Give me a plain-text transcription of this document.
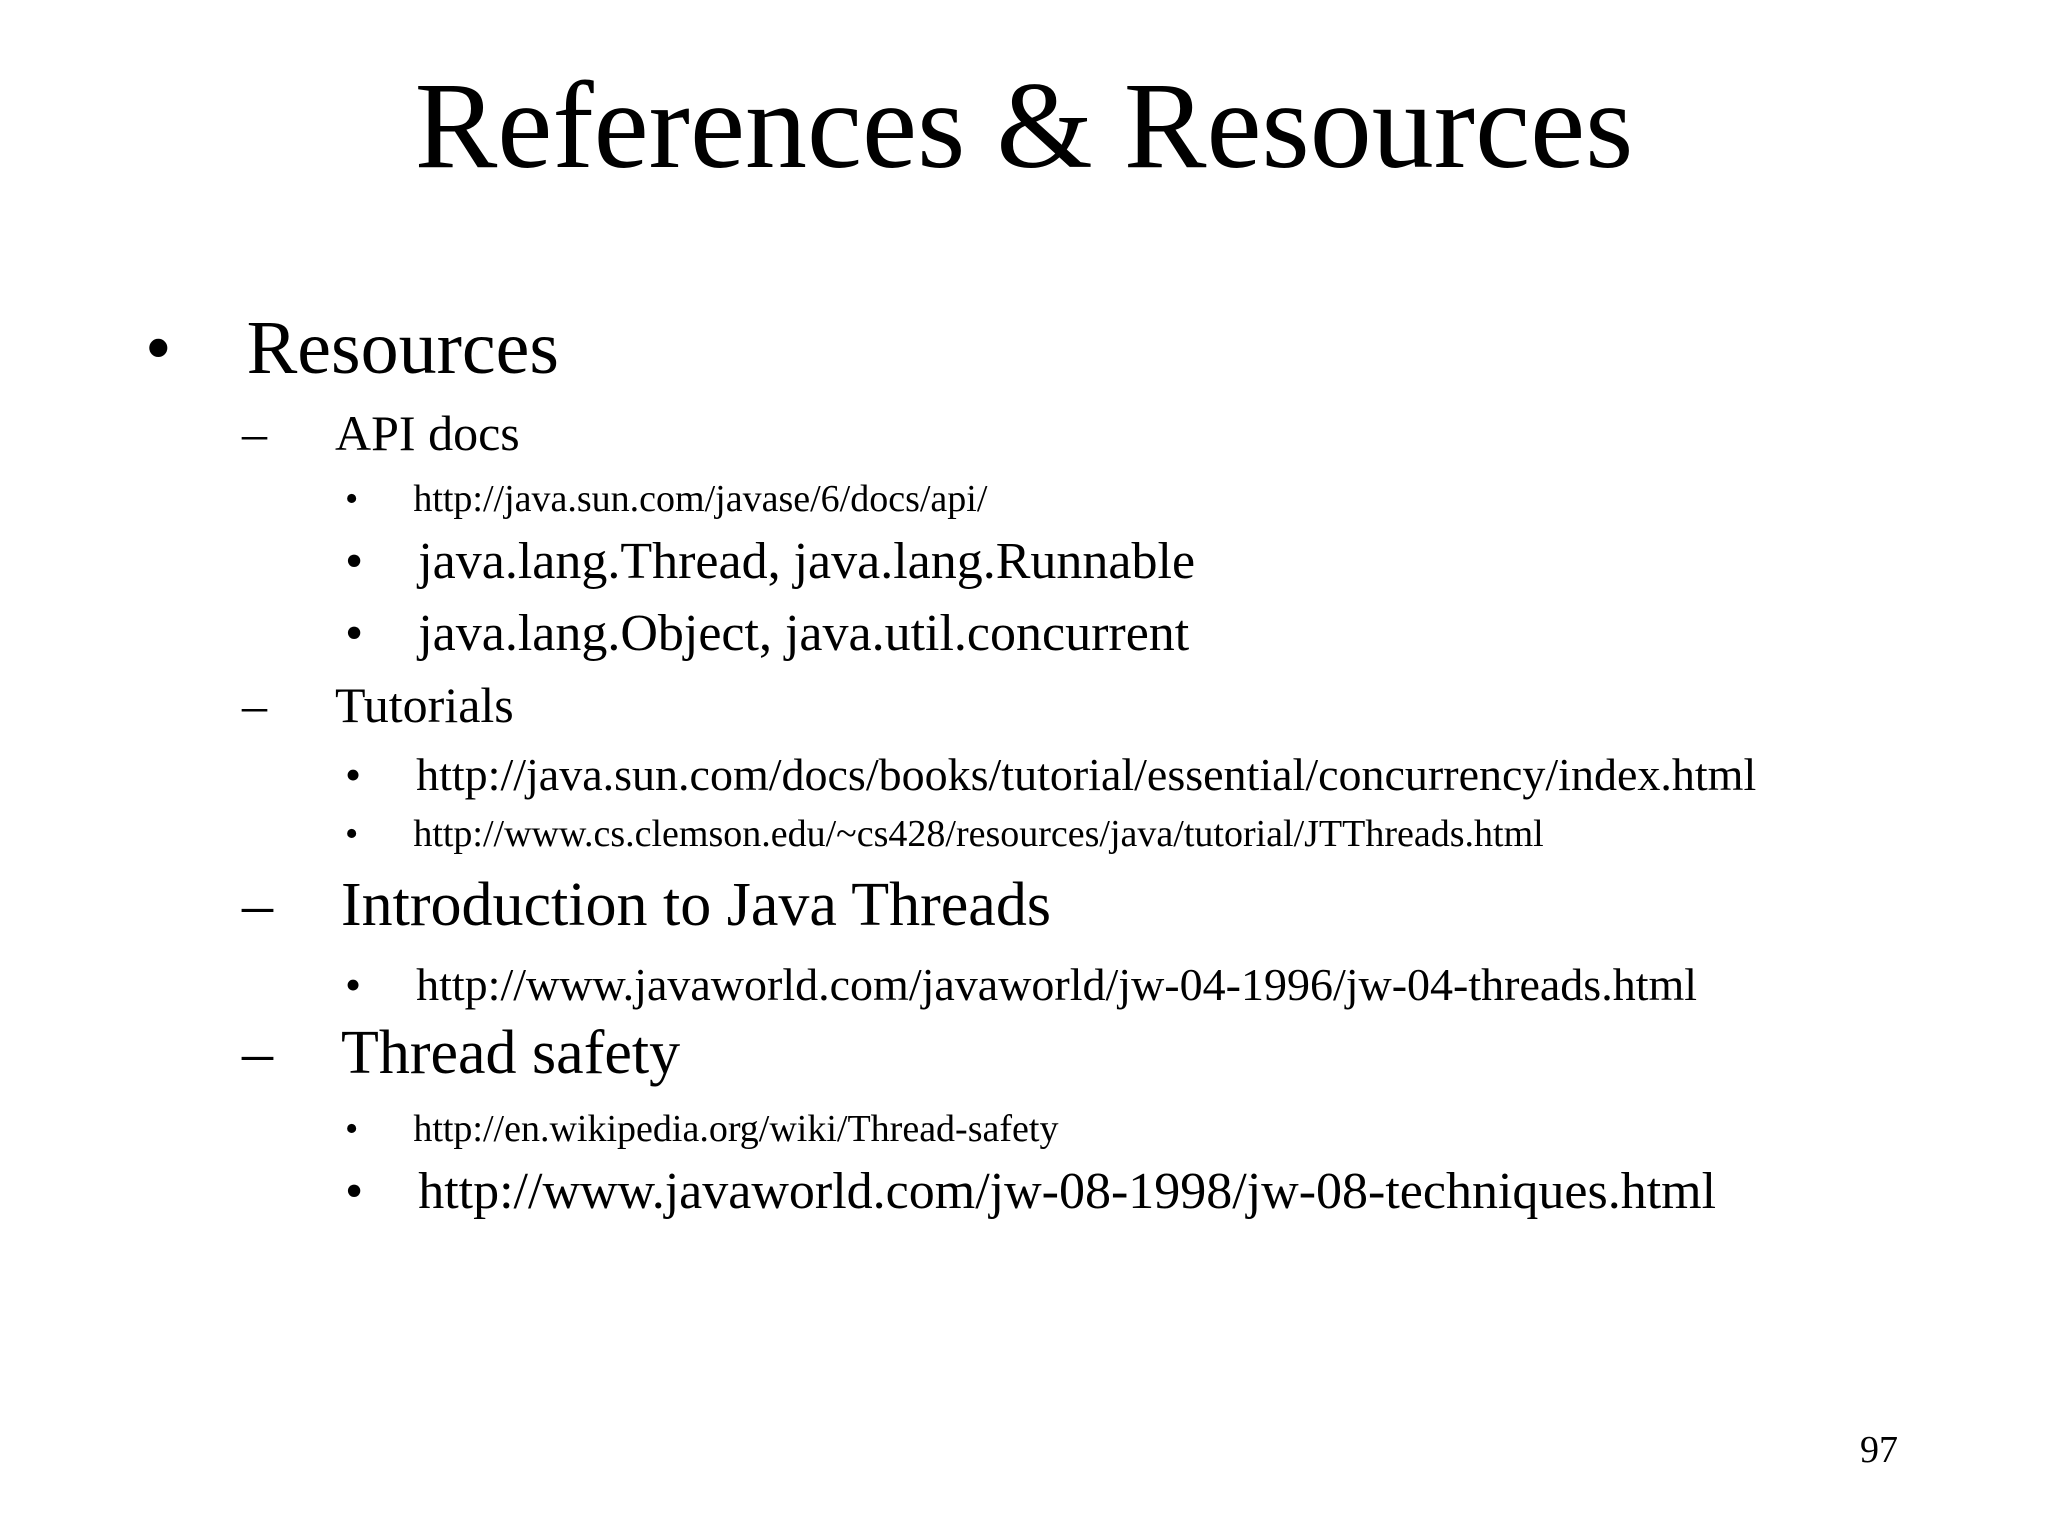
References & Resources
• Resources
– API docs
• http://java.sun.com/javase/6/docs/api/
• java.lang.Thread, java.lang.Runnable
• java.lang.Object, java.util.concurrent
– Tutorials
• http://java.sun.com/docs/books/tutorial/essential/concurrency/index.html
• http://www.cs.clemson.edu/~cs428/resources/java/tutorial/JTThreads.html
– Introduction to Java Threads
• http://www.javaworld.com/javaworld/jw-04-1996/jw-04-threads.html
– Thread safety
• http://en.wikipedia.org/wiki/Thread-safety
• http://www.javaworld.com/jw-08-1998/jw-08-techniques.html
97
